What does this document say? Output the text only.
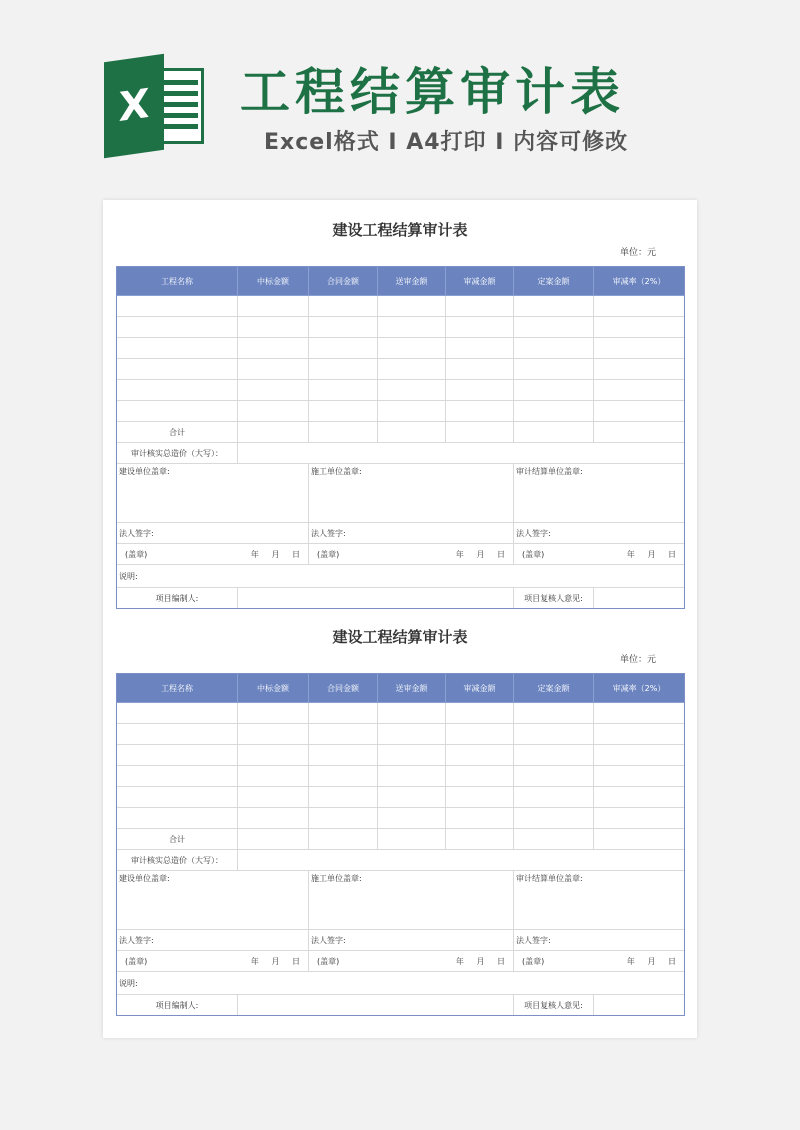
X 工程结算审计表
Excel格式 I A4打印 I 内容可修改
建设工程结算审计表
单位：元
工程名称	中标金额	合同金额	送审金额	审减金额	定案金额	审减率（2%）

合计						
审计核实总造价（大写）：						
建设单位盖章:		施工单位盖章:			审计结算单位盖章:	
法人签字:		法人签字:			法人签字:	

(盖章) 年 月 日		(盖章) 年 月 日			(盖章) 年 月 日	

说明:						
项目编制人:					项目复核人意见:	
建设工程结算审计表
单位：元
工程名称	中标金额	合同金额	送审金额	审减金额	定案金额	审减率（2%）

合计						
审计核实总造价（大写）：						
建设单位盖章:		施工单位盖章:			审计结算单位盖章:	
法人签字:		法人签字:			法人签字:	

(盖章) 年 月 日		(盖章) 年 月 日			(盖章) 年 月 日	

说明:						
项目编制人:					项目复核人意见:	
